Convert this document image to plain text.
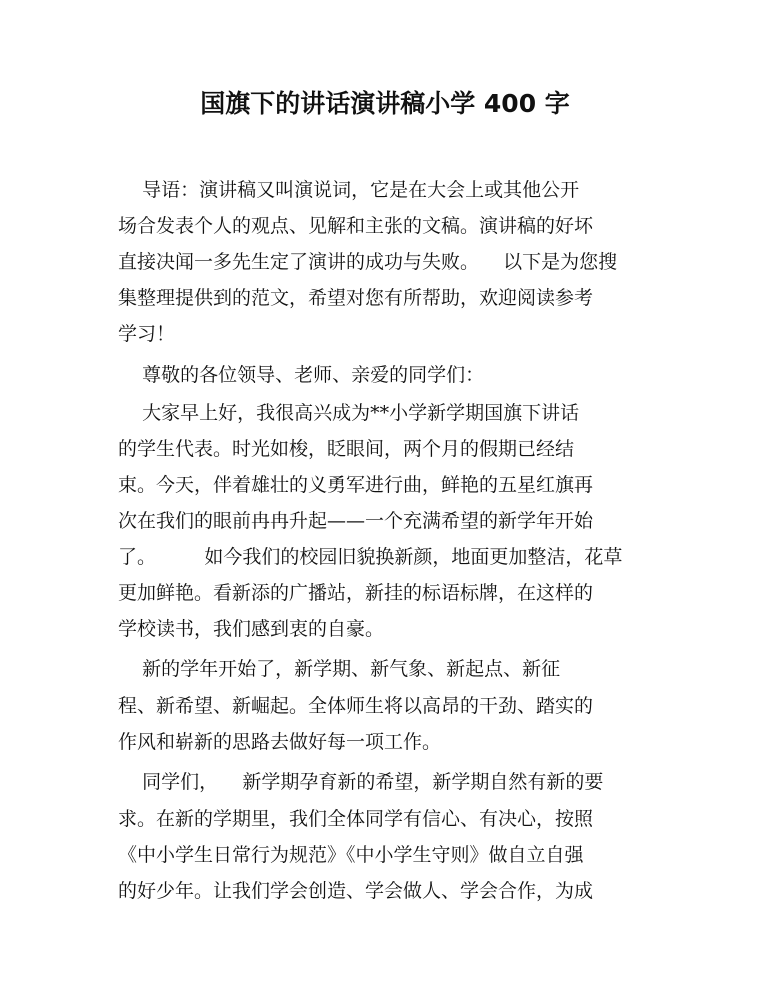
国旗下的讲话演讲稿小学 400 字
导语：演讲稿又叫演说词，它是在大会上或其他公开
场合发表个人的观点、见解和主张的文稿。演讲稿的好坏
直接决闻一多先生定了演讲的成功与失败。    以下是为您搜
集整理提供到的范文，希望对您有所帮助，欢迎阅读参考
学习！
尊敬的各位领导、老师、亲爱的同学们：
大家早上好，我很高兴成为**小学新学期国旗下讲话
的学生代表。时光如梭，眨眼间，两个月的假期已经结
束。今天，伴着雄壮的义勇军进行曲，鲜艳的五星红旗再
次在我们的眼前冉冉升起——一个充满希望的新学年开始
了。        如今我们的校园旧貌换新颜，地面更加整洁，花草
更加鲜艳。看新添的广播站，新挂的标语标牌，在这样的
学校读书，我们感到衷的自豪。
新的学年开始了，新学期、新气象、新起点、新征
程、新希望、新崛起。全体师生将以高昂的干劲、踏实的
作风和崭新的思路去做好每一项工作。
同学们，    新学期孕育新的希望，新学期自然有新的要
求。在新的学期里，我们全体同学有信心、有决心，按照
《中小学生日常行为规范》《中小学生守则》做自立自强
的好少年。让我们学会创造、学会做人、学会合作，为成
